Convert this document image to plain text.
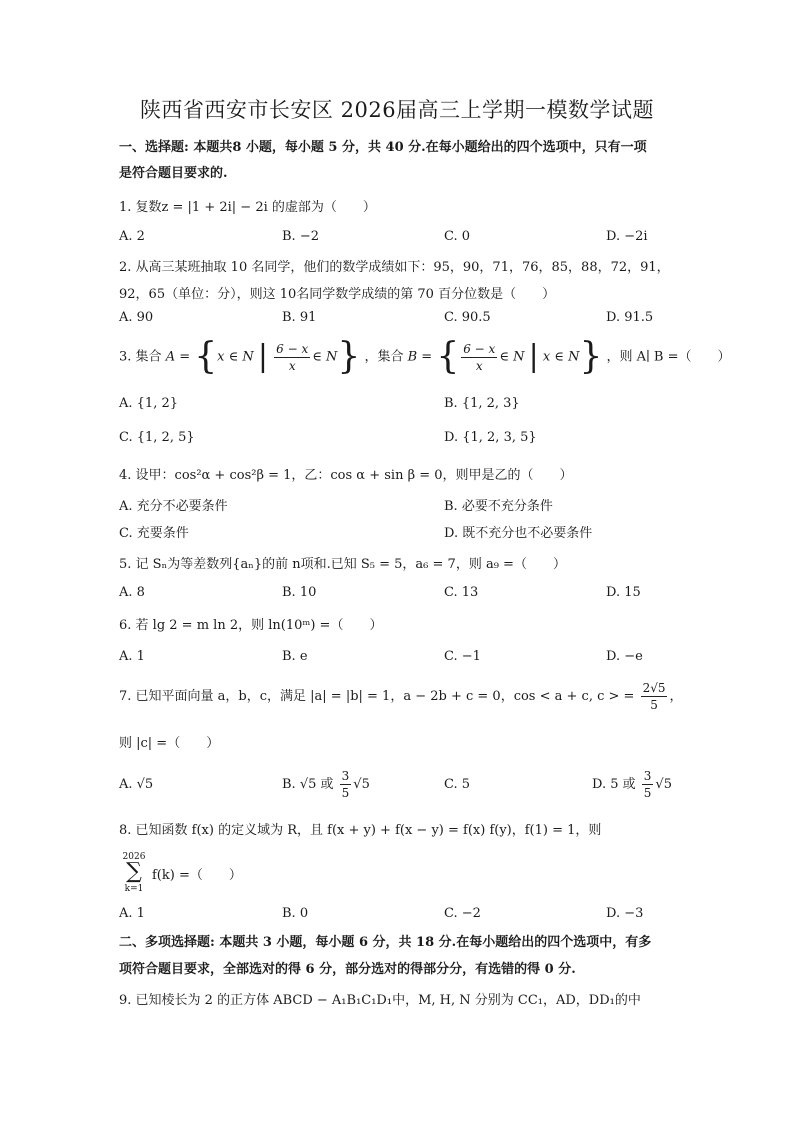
陕西省西安市长安区 2026届高三上学期一模数学试题
一、选择题: 本题共8 小题，每小题 5 分，共 40 分.在每小题给出的四个选项中，只有一项
是符合题目要求的.
1. 复数z = |1 + 2i| − 2i 的虚部为（　　）
A. 2	B. −2	C. 0	D. −2i
2. 从高三某班抽取 10 名同学，他们的数学成绩如下：95，90，71，76，85，88，72，91，
92，65（单位：分），则这 10名同学数学成绩的第 70 百分位数是（　　）
A. 90	B. 91	C. 90.5	D. 91.5
3. 集合 A = {x ∈ N | $\frac{6 - x}{x}$ ∈ N} ，集合 B = { $\frac{6 - x}{x}$ ∈ N | x ∈ N} ，则 A∣ B =（　　）
A. {1, 2}	B. {1, 2, 3}
C. {1, 2, 5}	D. {1, 2, 3, 5}
4. 设甲：cos²α + cos²β = 1，乙：cos α + sin β = 0，则甲是乙的（　　）
A. 充分不必要条件	B. 必要不充分条件
C. 充要条件	D. 既不充分也不必要条件
5. 记 Sₙ为等差数列{aₙ}的前 n项和.已知 S₅ = 5，a₆ = 7，则 a₉ =（　　）
A. 8	B. 10	C. 13	D. 15
6. 若 lg 2 = m ln 2，则 ln(10ᵐ) =（　　）
A. 1	B. e	C. −1	D. −e
7. 已知平面向量 a，b，c，满足 |a| = |b| = 1，a − 2b + c = 0，cos < a + c, c > = $\frac{2√5}{5}$ ，
则 |c| =（　　）
A. √5	B. √5 或 $\frac{3}{5} √5$	C. 5	D. 5 或 $\frac{3}{5} √5$
8. 已知函数 f(x) 的定义域为 R，且 f(x + y) + f(x − y) = f(x) f(y)，f(1) = 1，则
2026
∑
k=1
f(k) =（　　）
A. 1	B. 0	C. −2	D. −3
二、多项选择题: 本题共 3 小题，每小题 6 分，共 18 分.在每小题给出的四个选项中，有多
项符合题目要求，全部选对的得 6 分，部分选对的得部分分，有选错的得 0 分.
9. 已知棱长为 2 的正方体 ABCD − A₁B₁C₁D₁中，M, H, N 分别为 CC₁，AD，DD₁的中
